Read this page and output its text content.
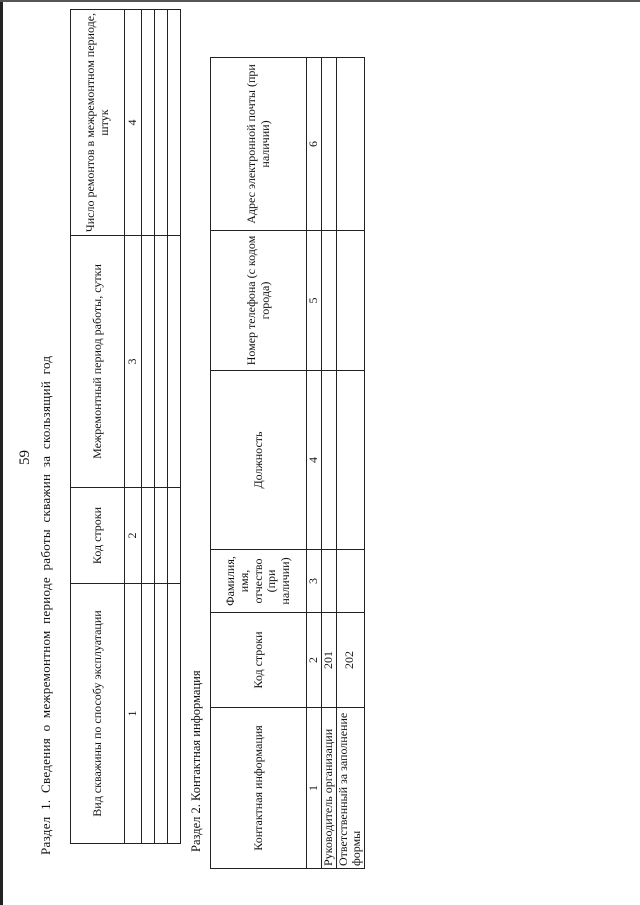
59 Раздел 1. Сведения о межремонтном периоде работы скважин за скользящий год	Вид скважины по способу эксплуатации	Код строки	Межремонтный период работы, сутки	Число ремонтов в межремонтном периоде, штук
1	2	3	4

Раздел 2. Контактная информация	Контактная информация	Код строки	Фамилия, имя, отчество (при наличии)	Должность	Номер телефона (с кодом города)	Адрес электронной почты (при наличии)
1	2	3	4	5	6
Руководитель организации	201				
Ответственный за заполнение формы	202				
